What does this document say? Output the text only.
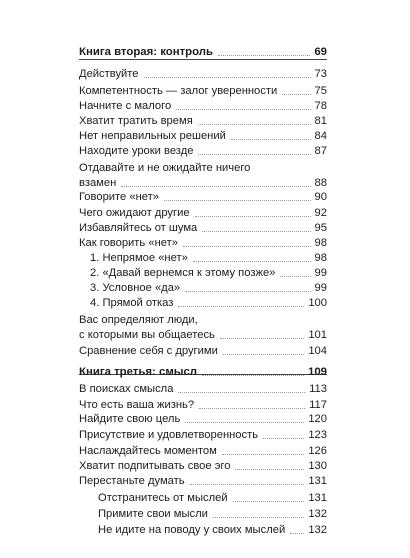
Книга вторая: контроль	69
Действуйте	73
Компетентность — залог уверенности	75
Начните с малого	78
Хватит тратить время	81
Нет неправильных решений	84
Находите уроки везде	87
Отдавайте и не ожидайте ничего
взамен	88
Говорите «нет»	90
Чего ожидают другие	92
Избавляйтесь от шума	95
Как говорить «нет»	98
1. Непрямое «нет»	98
2. «Давай вернемся к этому позже»	99
3. Условное «да»	99
4. Прямой отказ	100
Вас определяют люди,
с которыми вы общаетесь	101
Сравнение себя с другими	104
Книга третья: смысл	109
В поисках смысла	113
Что есть ваша жизнь?	117
Найдите свою цель	120
Присутствие и удовлетворенность	123
Наслаждайтесь моментом	126
Хватит подпитывать свое эго	130
Перестаньте думать	131
Отстранитесь от мыслей	131
Примите свои мысли	132
Не идите на поводу у своих мыслей 132
